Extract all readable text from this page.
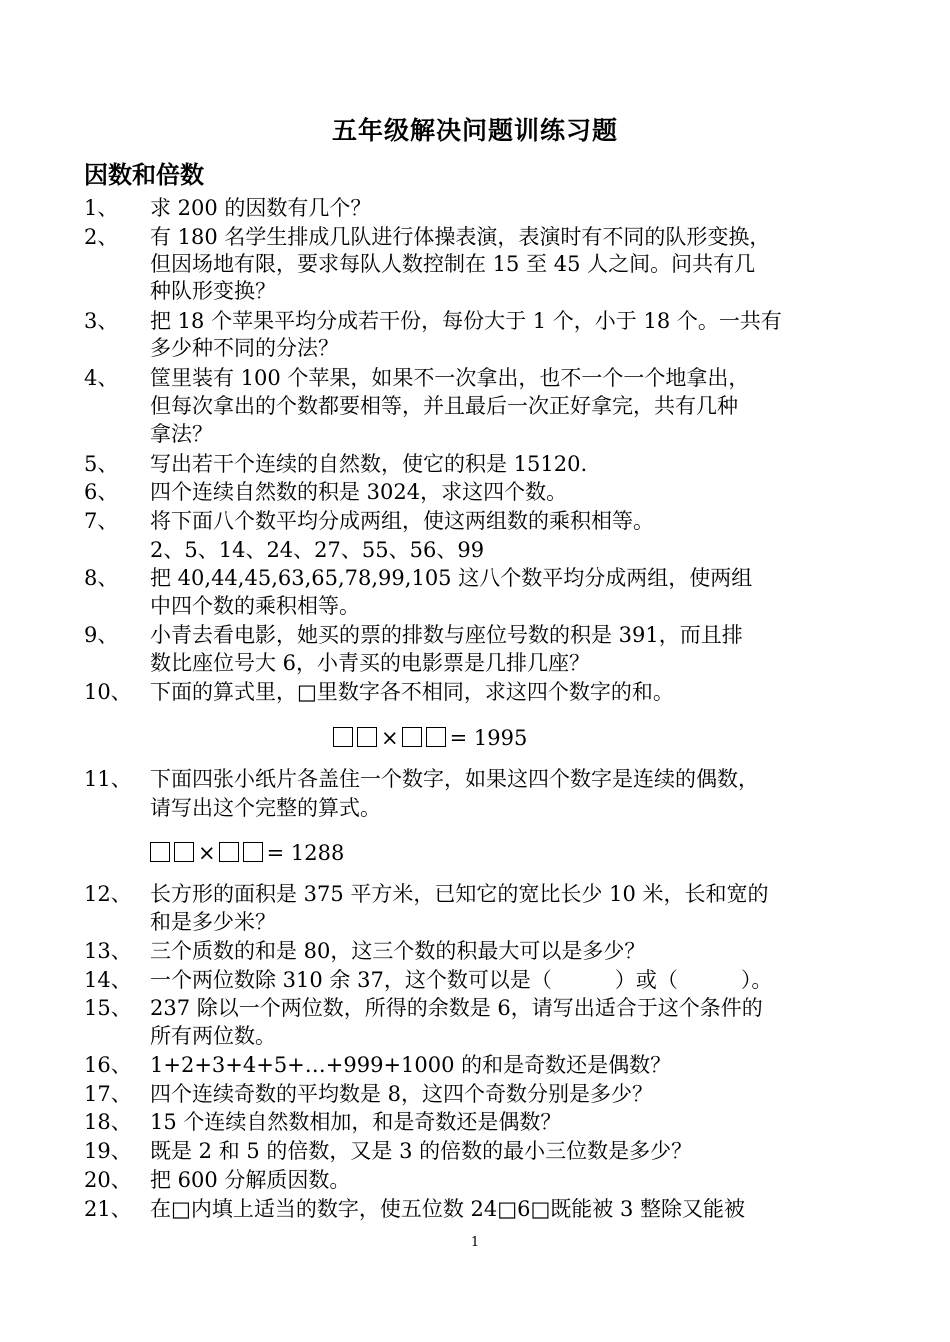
五年级解决问题训练习题
因数和倍数
1、 求 200 的因数有几个？
2、 有 180 名学生排成几队进行体操表演，表演时有不同的队形变换，
但因场地有限，要求每队人数控制在 15 至 45 人之间。问共有几
种队形变换？
3、 把 18 个苹果平均分成若干份，每份大于 1 个，小于 18 个。一共有
多少种不同的分法？
4、 筐里装有 100 个苹果，如果不一次拿出，也不一个一个地拿出，
但每次拿出的个数都要相等，并且最后一次正好拿完，共有几种
拿法？
5、 写出若干个连续的自然数，使它的积是 15120.
6、 四个连续自然数的积是 3024，求这四个数。
7、 将下面八个数平均分成两组，使这两组数的乘积相等。
2、5、14、24、27、55、56、99
8、 把 40,44,45,63,65,78,99,105 这八个数平均分成两组，使两组
中四个数的乘积相等。
9、 小青去看电影，她买的票的排数与座位号数的积是 391，而且排
数比座位号大 6，小青买的电影票是几排几座？
10、 下面的算式里，□里数字各不相同，求这四个数字的和。
× = 1995
11、 下面四张小纸片各盖住一个数字，如果这四个数字是连续的偶数，
请写出这个完整的算式。
× = 1288
12、 长方形的面积是 375 平方米，已知它的宽比长少 10 米，长和宽的
和是多少米？
13、 三个质数的和是 80，这三个数的积最大可以是多少？
14、 一个两位数除 310 余 37，这个数可以是（　　　）或（　　　）。
15、 237 除以一个两位数，所得的余数是 6，请写出适合于这个条件的
所有两位数。
16、 1+2+3+4+5+…+999+1000 的和是奇数还是偶数？
17、 四个连续奇数的平均数是 8，这四个奇数分别是多少？
18、 15 个连续自然数相加，和是奇数还是偶数？
19、 既是 2 和 5 的倍数，又是 3 的倍数的最小三位数是多少？
20、 把 600 分解质因数。
21、 在□内填上适当的数字，使五位数 24□6□既能被 3 整除又能被
1
